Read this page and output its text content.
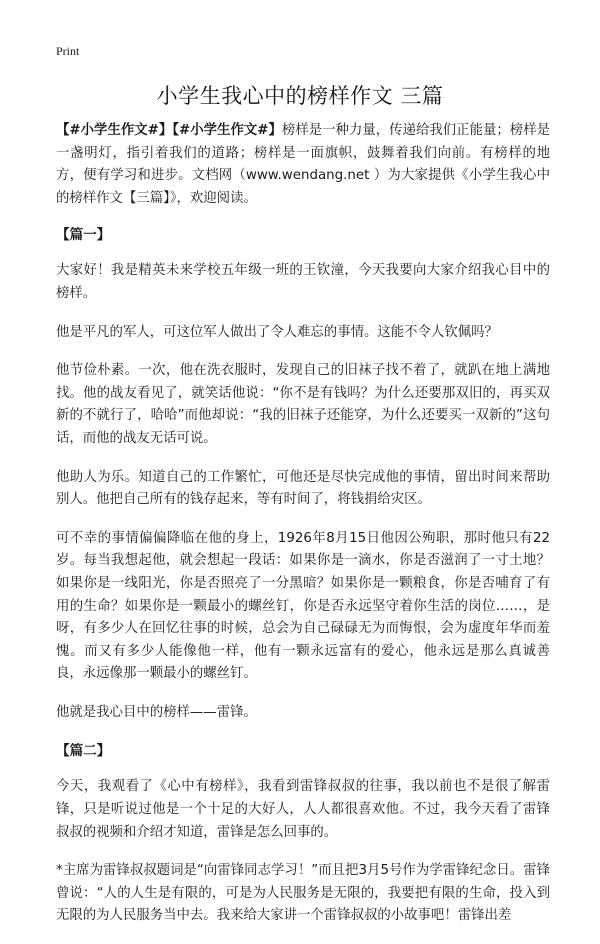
Print
小学生我心中的榜样作文 三篇

【#小学生作文#】【#小学生作文#】榜样是一种力量，传递给我们正能量；榜样是一盏明灯，指引着我们的道路；榜样是一面旗帜，鼓舞着我们向前。有榜样的地方，便有学习和进步。文档网（www.wendang.net ）为大家提供《小学生我心中的榜样作文【三篇】》，欢迎阅读。

【篇一】

大家好！我是精英未来学校五年级一班的王钦潼，今天我要向大家介绍我心目中的榜样。

他是平凡的军人，可这位军人做出了令人难忘的事情。这能不令人钦佩吗？

他节俭朴素。一次，他在洗衣服时，发现自己的旧袜子找不着了，就趴在地上满地找。他的战友看见了，就笑话他说：“你不是有钱吗？为什么还要那双旧的，再买双新的不就行了，哈哈”而他却说：“我的旧袜子还能穿，为什么还要买一双新的”这句话，而他的战友无话可说。

他助人为乐。知道自己的工作繁忙，可他还是尽快完成他的事情，留出时间来帮助别人。他把自己所有的钱存起来，等有时间了，将钱捐给灾区。

可不幸的事情偏偏降临在他的身上，1926年8月15日他因公殉职，那时他只有22岁。每当我想起他，就会想起一段话：如果你是一滴水，你是否滋润了一寸土地？如果你是一线阳光，你是否照亮了一分黑暗？如果你是一颗粮食，你是否哺育了有用的生命？如果你是一颗最小的螺丝钉，你是否永远坚守着你生活的岗位……，是呀，有多少人在回忆往事的时候，总会为自己碌碌无为而悔恨，会为虚度年华而羞愧。而又有多少人能像他一样，他有一颗永远富有的爱心，他永远是那么真诚善良，永远像那一颗最小的螺丝钉。

他就是我心目中的榜样——雷锋。

【篇二】

今天，我观看了《心中有榜样》，我看到雷锋叔叔的往事，我以前也不是很了解雷锋，只是听说过他是一个十足的大好人，人人都很喜欢他。不过，我今天看了雷锋叔叔的视频和介绍才知道，雷锋是怎么回事的。

*主席为雷锋叔叔题词是“向雷锋同志学习！”而且把3月5号作为学雷锋纪念日。雷锋曾说：“人的人生是有限的，可是为人民服务是无限的，我要把有限的生命，投入到无限的为人民服务当中去。我来给大家讲一个雷锋叔叔的小故事吧！雷锋出差
